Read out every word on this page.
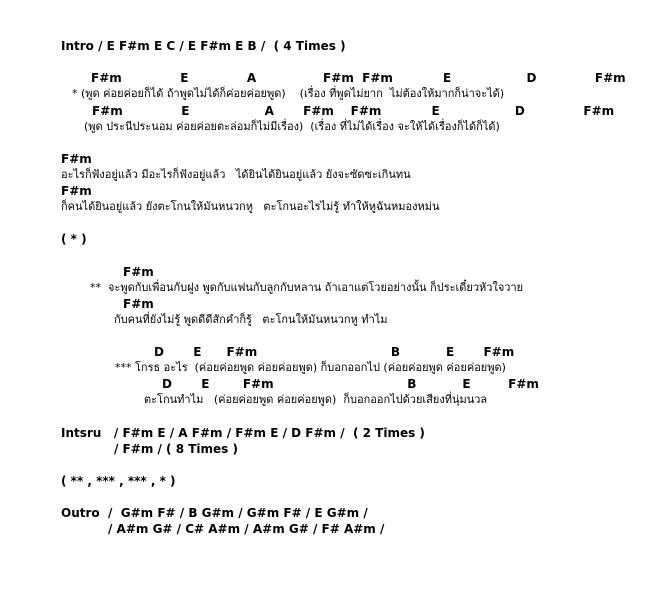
Intro / E F#m E C / E F#m E B /  ( 4 Times )
F#m              E              A                F#m  F#m            E                  D              F#m
* (พูด ค่อยค่อยก็ได้ ถ้าพูดไม่ได้ก็ค่อยค่อยพูด)    (เรื่อง ที่พูดไม่ยาก  ไม่ต้องให้มากก็น่าจะได้)
F#m              E                  A       F#m    F#m            E                  D              F#m
(พูด ประนีประนอม ค่อยค่อยตะล่อมก็ไม่มีเรื่อง)  (เรื่อง ที่ไม่ได้เรื่อง จะให้ได้เรื่องก็ได้ก็ได้)
F#m
อะไรก็ฟังอยู่แล้ว มีอะไรก็ฟังอยู่แล้ว   ได้ยินได้ยินอยู่แล้ว ยังจะซัดซะเกินทน
F#m
ก็คนได้ยินอยู่แล้ว ยังตะโกนให้มันหนวกหู   ตะโกนอะไรไม่รู้ ทำให้หูฉันหมองหม่น
( * )
F#m
**  จะพูดกับเพื่อนกับฝูง พูดกับแฟนกับลูกกับหลาน ถ้าเอาแต่โวยอย่างนั้น ก็ประเดี๋ยวหัวใจวาย
F#m
กับคนที่ยังไม่รู้ พูดดีดีสักคำก็รู้   ตะโกนให้มันหนวกหู ทำไม
D       E      F#m                                B           E       F#m
*** โกรธ อะไร  (ค่อยค่อยพูด ค่อยค่อยพูด) ก็บอกออกไป (ค่อยค่อยพูด ค่อยค่อยพูด)
D       E        F#m                                B           E         F#m
ตะโกนทำไม   (ค่อยค่อยพูด ค่อยค่อยพูด)  ก็บอกออกไปด้วยเสียงที่นุ่มนวล
Intsru   / F#m E / A F#m / F#m E / D F#m /  ( 2 Times )
/ F#m / ( 8 Times )
( ** , *** , *** , * )
Outro  /  G#m F# / B G#m / G#m F# / E G#m /
/ A#m G# / C# A#m / A#m G# / F# A#m /
